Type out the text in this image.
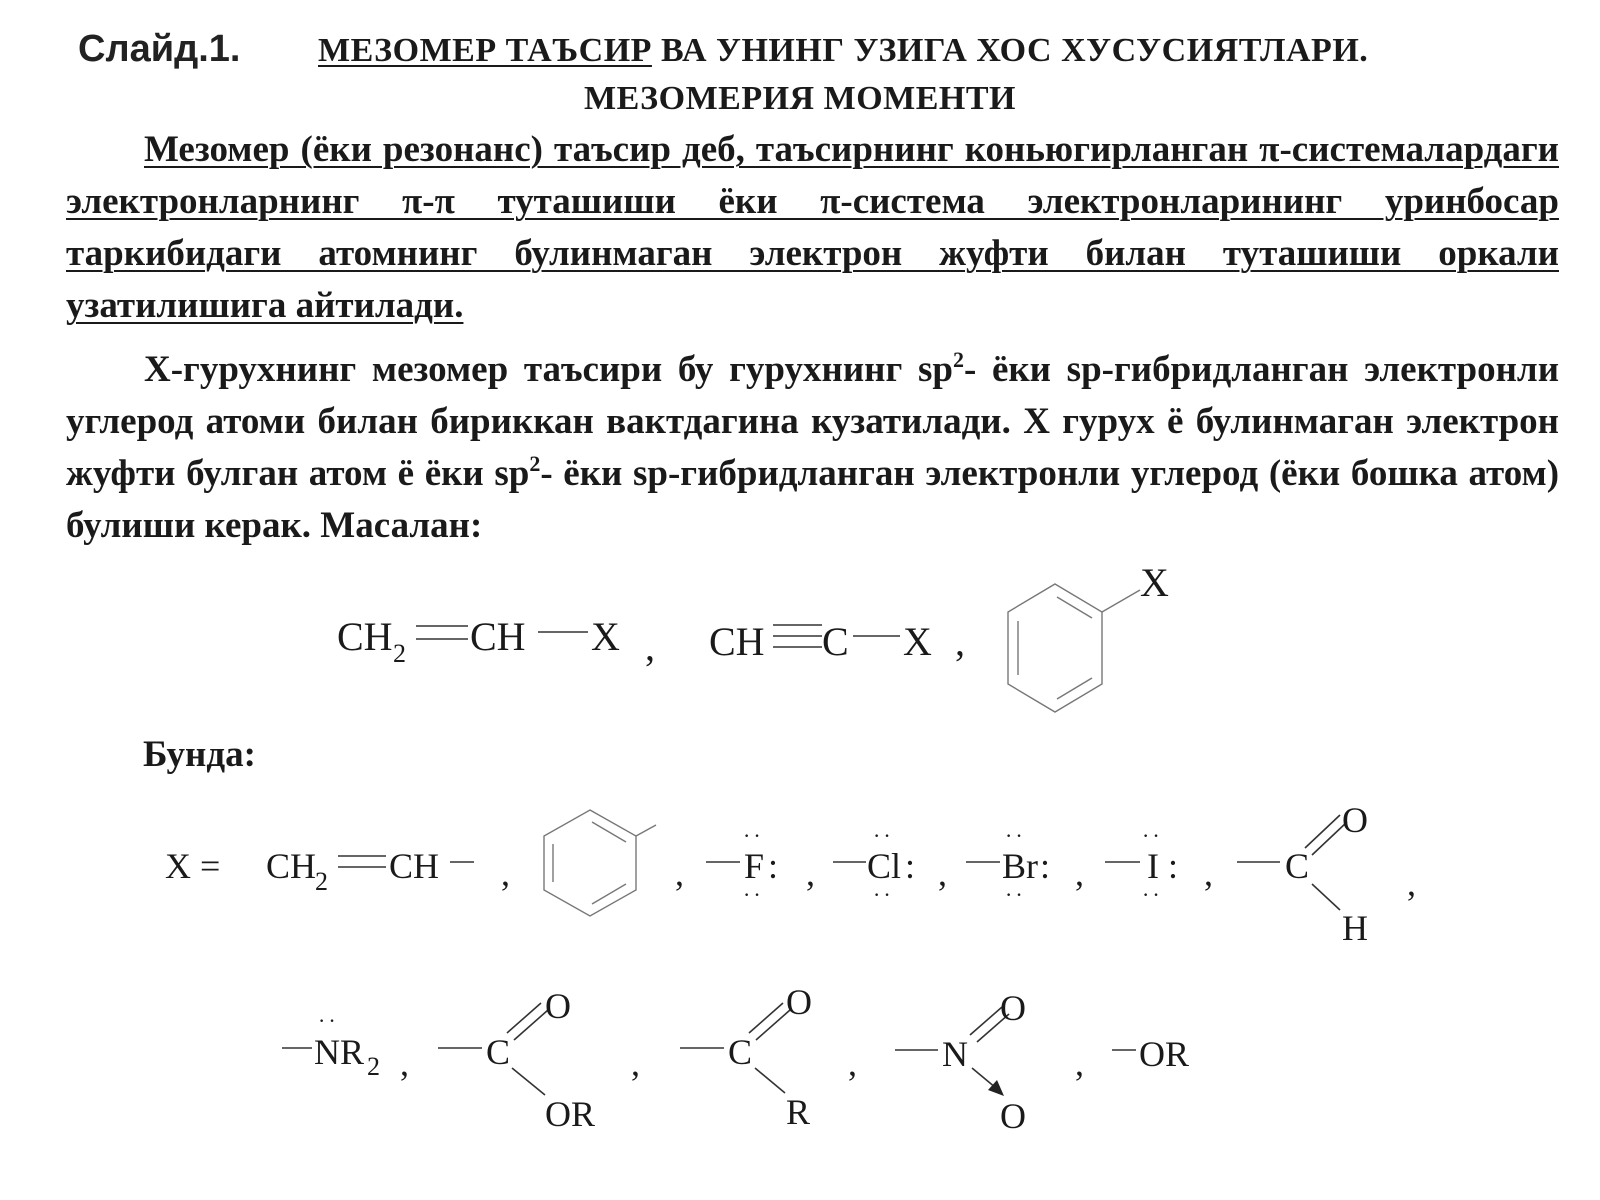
Слайд.1. МЕЗОМЕР ТАЪСИР ВА УНИНГ УЗИГА ХОС ХУСУСИЯТЛАРИ.
МЕЗОМЕРИЯ МОМЕНТИ
Мезомер (ёки резонанс) таъсир деб, таъсирнинг коньюгирланган π-системалардаги электронларнинг π-π туташиши ёки π-система электронларининг уринбосар таркибидаги атомнинг булинмаган электрон жуфти билан туташиши оркали узатилишига айтилади.
X-гурухнинг мезомер таъсири бу гурухнинг $sp^2-$ ёки sp-гибридланган электронли углерод атоми билан бириккан вактдагина кузатилади. X гурух ё булинмаган электрон жуфти булган атом ё ёки $sp^2-$ ёки sp-гибридланган электронли углерод (ёки бошка атом) булиши керак. Масалан:
Бунда:
CH 2 CH X , CH C X ,
X
X = CH
2 CH ,	,
··
F :
··
,
··
Cl :
··
,
··
Br :
··
,
··
I :
··
, C
O
H
,
··
NR 2 , C
O
OR
, C
O
R
, N
O
O
, OR
